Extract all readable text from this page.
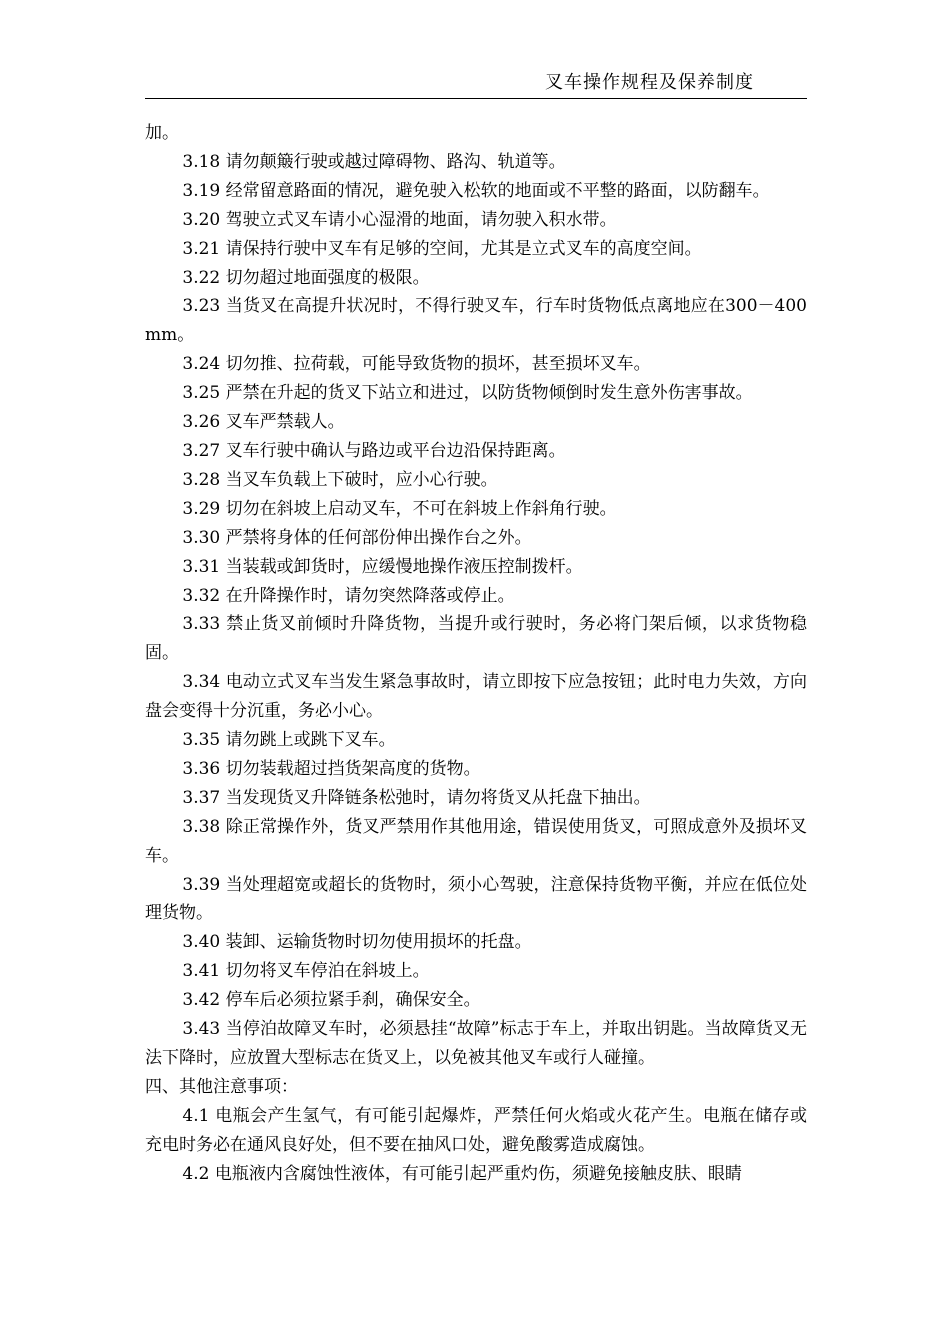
叉车操作规程及保养制度

加。

3.18 请勿颠簸行驶或越过障碍物、路沟、轨道等。

3.19 经常留意路面的情况，避免驶入松软的地面或不平整的路面，以防翻车。

3.20 驾驶立式叉车请小心湿滑的地面，请勿驶入积水带。

3.21 请保持行驶中叉车有足够的空间，尤其是立式叉车的高度空间。

3.22 切勿超过地面强度的极限。

3.23 当货叉在高提升状况时，不得行驶叉车，行车时货物低点离地应在300－400mm。

3.24 切勿推、拉荷载，可能导致货物的损坏，甚至损坏叉车。

3.25 严禁在升起的货叉下站立和进过，以防货物倾倒时发生意外伤害事故。

3.26 叉车严禁载人。

3.27 叉车行驶中确认与路边或平台边沿保持距离。

3.28 当叉车负载上下破时，应小心行驶。

3.29 切勿在斜坡上启动叉车，不可在斜坡上作斜角行驶。

3.30 严禁将身体的任何部份伸出操作台之外。

3.31 当装载或卸货时，应缓慢地操作液压控制拨杆。

3.32 在升降操作时，请勿突然降落或停止。

3.33 禁止货叉前倾时升降货物，当提升或行驶时，务必将门架后倾，以求货物稳固。

3.34 电动立式叉车当发生紧急事故时，请立即按下应急按钮；此时电力失效，方向盘会变得十分沉重，务必小心。

3.35 请勿跳上或跳下叉车。

3.36 切勿装载超过挡货架高度的货物。

3.37 当发现货叉升降链条松弛时，请勿将货叉从托盘下抽出。

3.38 除正常操作外，货叉严禁用作其他用途，错误使用货叉，可照成意外及损坏叉车。

3.39 当处理超宽或超长的货物时，须小心驾驶，注意保持货物平衡，并应在低位处理货物。

3.40 装卸、运输货物时切勿使用损坏的托盘。

3.41 切勿将叉车停泊在斜坡上。

3.42 停车后必须拉紧手刹，确保安全。

3.43 当停泊故障叉车时，必须悬挂“故障”标志于车上，并取出钥匙。当故障货叉无法下降时，应放置大型标志在货叉上，以免被其他叉车或行人碰撞。

四、其他注意事项：

4.1 电瓶会产生氢气，有可能引起爆炸，严禁任何火焰或火花产生。电瓶在储存或充电时务必在通风良好处，但不要在抽风口处，避免酸雾造成腐蚀。

4.2 电瓶液内含腐蚀性液体，有可能引起严重灼伤，须避免接触皮肤、眼睛
